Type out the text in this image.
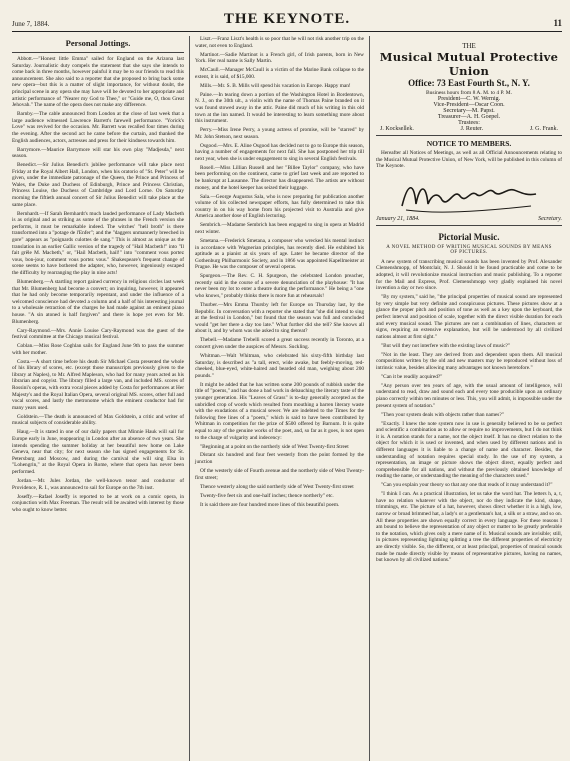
June 7, 1884.	THE KEYNOTE.	11
Personal Jottings.

Abbott.—"Honest little Emma" sailed for England on the Arizona last Saturday. Journalistic duty compels the statement that she says she intends to come back in three months, however painful it may be to our friends to read this announcement. She also said to a reporter that she proposed to bring back some new opera—but this is a matter of slight importance, for without doubt, the principal scene in any opera she may have will be devoted to her appropriate and artistic performance of "Nearer my God to Thee," or "Guide me, O, thou Great Jehovah." The name of the opera does not make any difference.

Barnby.—The cable announced from London at the close of last week that a large audience witnessed Lawrence Barrett's farewell performance. "Yorick's Love" was revived for the occasion. Mr. Barrett was recalled four times during the evening. After the second act he came before the curtain, and thanked the English audiences, actors, actresses and press for their kindness towards him.

Barrymore.—Maurice Barrymore will star his own play "Madjesda," next season.

Benedict.—Sir Julius Benedict's jubilee performance will take place next Friday at the Royal Albert Hall, London, when his oratorio of "St. Peter" will be given, under the immediate patronage of the Queen, the Prince and Princess of Wales, the Duke and Duchess of Edinburgh, Prince and Princess Christian, Princess Louise, the Duchess of Cambridge and Lord Lorne. On Saturday morning the fiftieth annual concert of Sir Julius Benedict will take place at the same place.

Bernhardt.—If Sarah Bernhardt's much lauded performance of Lady Macbeth is as original and as striking as some of the phrases in the French version she performs, it must be remarkable indeed. The witches' "hell broth" is there transformed into a "potage de l'Enfer"; and the "daggers unmannerly breeched in gore" appears as "poignards culottes de sang." This is almost as unique as the translation in an earlier Gallic version of the tragedy of "Hail Macbeth!" into "Il fait grêle M. Macbeth," or, "Hail Macbeth, hail!" into "comment vous portez vous, bon-jour, comment vous portez vous." Shakespeare's frequent change of scene seems to have bothered the adapter, who, however, ingeniously escaped the difficulty by rearranging the play in nine acts!

Blumenberg.—A startling report gained currency in religious circles last week that Mr. Blumenberg had become a convert; on inquiring, however, it appeared that he had only become temporarily repentant, and under the influence of a welcomed conscience had devoted a column and a half of his interesting journal to a wholesale retraction of the charges he had made against an eminent piano house. "A sin atoned is half forgiven" and there is hope yet even for Mr. Blumenberg.

Cary-Raymond.—Mrs. Annie Louise Cary-Raymond was the guest of the festival committee at the Chicago musical festival.

Coblan.—Miss Rose Coghlan sails for England June 9th to pass the summer with her mother.

Costa.—A short time before his death Sir Michael Costa presented the whole of his library of scores, etc. (except those manuscripts previously given to the library at Naples), to Mr. Alfred Mapleson, who had for many years acted as his librarian and copyist. The library filled a large van, and included MS. scores of Rossini's operas, with extra vocal pieces added by Costa for performances at Her Majesty's and the Royal Italian Opera, several original MS. scores, other full and vocal scores, and lastly the metronome which the eminent conductor had for many years used.

Goldstein.—The death is announced of Max Goldstein, a critic and writer of musical subjects of considerable ability.

Haug.—It is stated in one of our daily papers that Minnie Hauk will sail for Europe early in June, reappearing in London after an absence of two years. She intends spending the summer holiday at her beautiful new home on Lake Geneva, near that city; for next season she has signed engagements for St. Petersburg and Moscow, and during the carnival she will sing Elsa in "Lohengrin," at the Royal Opera in Rome, where that opera has never been performed.

Jordan.—Mr. Jules Jordan, the well-known tenor and conductor of Providence, R. I., was announced to sail for Europe on the 7th inst.

Joseffy.—Rafael Joseffy is reported to be at work on a comic opera, in conjunction with Max Freeman. The result will be awaited with interest by those who ought to know better.

Liszt.—Franz Liszt's health is so poor that he will not risk another trip on the water, not even to England.

Martinot.—Sadie Martinot is a French girl, of Irish parents, born in New York. Her real name is Sally Martin.

McCaull.—Manager McCaull is a victim of the Marine Bank collapse to the extent, it is said, of $15,000.

Mills.—Mr. S. B. Mills will spend his vacation in Europe. Happy man!

Paine.—In tearing down a portion of the Washington Hotel in Bordentown, N. J., on the 30th ult., a violin with the name of Thomas Paine branded on it was found stowed away in the attic. Paine did much of his writing in this old town at the inn named. It would be interesting to learn something more about this instrument.

Perry.—Miss Irene Perry, a young actress of promise, will be "starred" by Mr. John Stetson, next season.

Osgood.—Mrs. E. Aline Osgood has decided not to go to Europe this season, having a number of engagements for next fall. She has postponed her trip till next year, when she is under engagement to sing in several English festivals.

Rosell.—Miss Lillian Russell and her "Billee Taylor" company, who have been performing on the continent, came to grief last week and are reported to be bankrupt at Lausanne. The director has disappeared. The artists are without money, and the hotel keeper has seized their luggage.

Sala.—George Augustus Sala, who is now preparing for publication another volume of his collected newspaper efforts, has fully determined to take this country in on his way home from his projected visit to Australia and give America another dose of English lecturing.

Sembrich.—Madame Sembrich has been engaged to sing in opera at Madrid next winter.

Smetana.—Frederick Smetana, a composer who wrecked his mental instinct in accordance with Wagnerian principles, has recently died. He exhibited his aptitude as a pianist at six years of age. Later he became director of the Gothenburg Philharmonic Society, and in 1866 was appointed Kapellmeister at Prague. He was the composer of several operas.

Spurgeon.—The Rev. C. H. Spurgeon, the celebrated London preacher, recently said in the course of a severe denunciation of the playhouse: "It has never been my lot to enter a theatre during the performance." He being a "one who knows," probably thinks there is more fun at rehearsals!

Thurber.—Mrs Emma Thursby left for Europe on Thursday last, by the Republic. In conversation with a reporter she stated that "she did intend to sing at the festival in London," but found that the season was full and concluded would "get her there a day too late." What further did she tell? She knows all about it, and by whom was she asked to sing thereat?

Thebell.—Madame Trebelli scored a great success recently in Toronto, at a concert given under the auspices of Messrs. Suckling.

Whitman.—Walt Whitman, who celebrated his sixty-fifth birthday last Saturday, is described as "a tall, erect, wide awake, but feebly-moving, red-cheeked, blue-eyed, white-haired and bearded old man, weighing about 200 pounds."

It might be added that he has written some 200 pounds of rubbish under the title of "poems," and has done a bad work in debauching the literary taste of the younger generation. His "Leaves of Grass" is to-day generally accepted as the unbridled crop of words which resulted from mouthing a barren literary waste with the exudations of a musical sewer. We are indebted to the Times for the following free lines of a "poem," which is said to have been contributed by Whitman in competition for the prize of $500 offered by Barnum. It is quite equal to any of the genuine works of the poet, and, so far as it goes, is not open to the charge of vulgarity and indecency:

"Beginning at a point on the northerly side of West Twenty-first Street

Distant six hundred and four feet westerly from the point formed by the junction

Of the westerly side of Fourth avenue and the northerly side of West Twenty-first street;

Thence westerly along the said northerly side of West Twenty-first street

Twenty-five feet six and one-half inches; thence northerly" etc.

It is said there are four hundred more lines of this beautiful poem.

THE
Musical Mutual Protective Union
Office: 73 East Fourth St., N. Y.
Business hours from 8 A. M. to 4 P. M.
President—C. W. Wernig.
Vice-President—Oscar Coon.
Secretary—M. Papst.
Treasurer—A. H. Goepel.
Trustees:
J. Kocksellek.	J. Reuter.	J. G. Frank.
NOTICE TO MEMBERS.

Hereafter all Notices of Meetings, as well as all Official Announcements relating to the Musical Mutual Protective Union, of New York, will be published in this column of The Keynote.

January 21, 1884.	Secretary.
Pictorial Music.
A NOVEL METHOD OF WRITING MUSICAL SOUNDS BY MEANS OF PICTURES.

A new system of transcribing musical sounds has been invented by Prof. Alexander Clemenshmopp, of Montclair, N. J. Should it be found practicable and come to be adopted, it will revolutionize musical instruction and music publishing. To a reporter for the Mail and Express, Prof. Clemenshmopp very gladly explained his novel invention a day or two since.

"By my system," said he, "the principal properties of musical sound are represented by very simple but very definite and conspicuous pictures. These pictures show at a glance the proper pitch and position of tone as well as a key upon the keyboard, the perfect interval and position of scale, together with the direct visible duration for each and every musical sound. The pictures are not a combination of lines, characters or signs, requiring an extensive explanation, but will be understood by all civilized nations almost at first sight."

"But will they not interfere with the existing laws of music?"

"Not in the least. They are derived from and dependent upon them. All musical compositions written by the old and new masters may be reproduced without loss of intrinsic value, besides allowing many advantages not known heretofore."

"Can it be readily acquired?"

"Any person over ten years of age, with the usual amount of intelligence, will understand to read, draw and sound each and every tone producible upon an ordinary piano correctly within ten minutes or less. This, you will admit, is impossible under the present system of notation."

"Then your system deals with objects rather than names?"

"Exactly. I knew the note system now in use is generally believed to be so perfect and scientific a combination as to allow or require no improvements, but I do not think it is. A notation stands for a name, not the object itself. It has no direct relation to the object for which it is used or invented, and when used by different nations and in different languages it is liable to a change of name and character. Besides, the understanding of notation requires special study. In the use of my system, a representation, an image or picture shows the object direct, equally perfect and comprehensible for all nations, and without the previously obtained knowledge of reading the name, or understanding the meaning of the characters used."

"Can you explain your theory so that any one that reads of it may understand it?"

"I think I can. As a practical illustration, let us take the word hat. The letters h, a, t, have no relation whatever with the object, nor do they indicate the kind, shape, trimmings, etc. The picture of a hat, however, shows direct whether it is a high, low, narrow or broad brimmed hat, a lady's or a gentleman's hat, a silk or a straw, and so on. All these properties are shown equally correct in every language. For these reasons I am bound to believe the representation of any object or matter to be greatly preferable to the notation, which gives only a mere name of it. Musical sounds are invisible; still, in pictures representing lightning splitting a tree the different properties of electricity are directly visible. So, the different, or at least principal, properties of musical sounds made be made directly visible by means of representative pictures, having no names, but known by all civilized nations."
